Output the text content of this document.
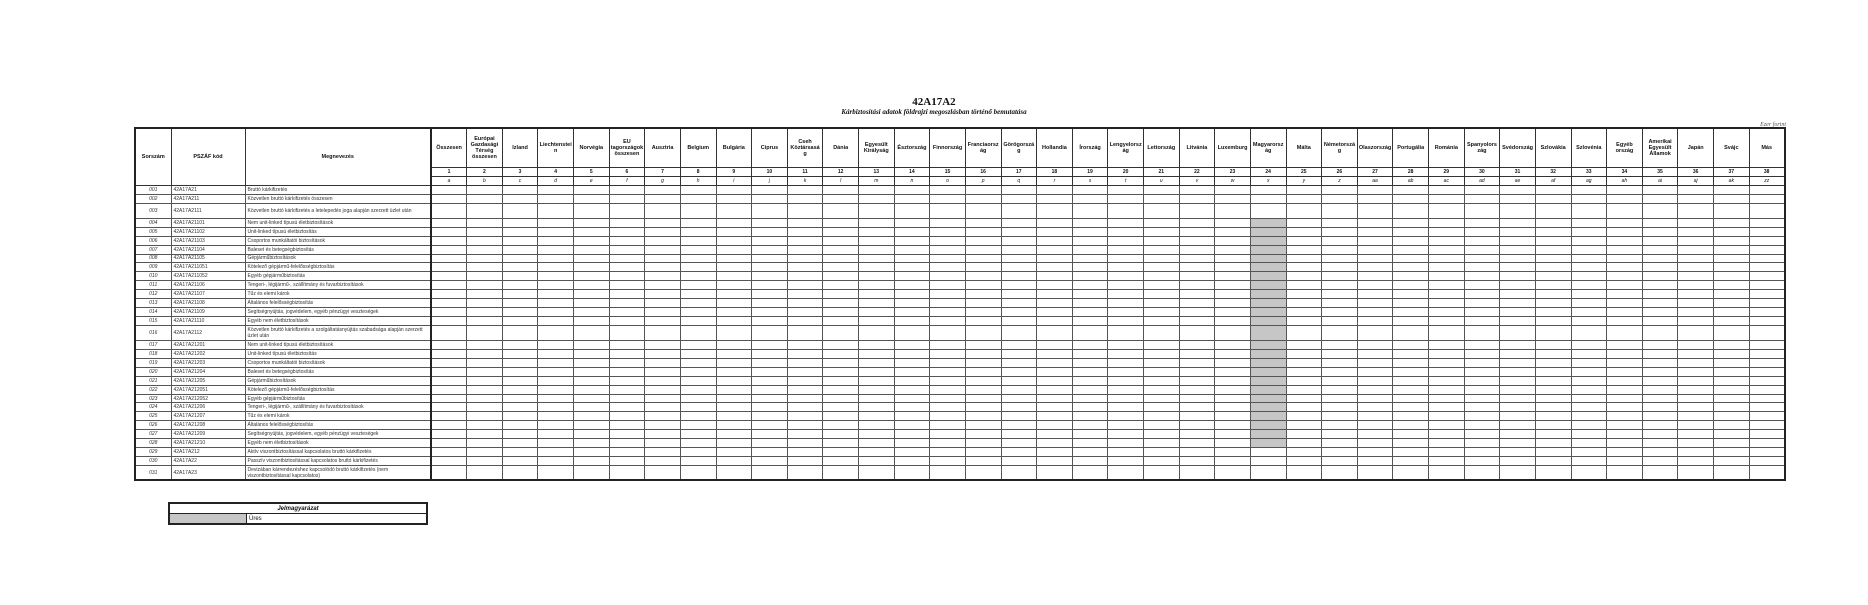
42A17A2
Kárbiztosítási adatok földrajzi megoszlásban történő bemutatása
Ezer forint
Sorszám	PSZÁF kód	Megnevezés	Összesen	Európai Gazdasági Térség összesen	Izland	Liechtenstein	Norvégia	EU tagországok összesen	Ausztria	Belgium	Bulgária	Ciprus	Cseh Köztársaság	Dánia	Egyesült Királyság	Észtország	Finnország	Franciaország	Görögország	Hollandia	Írország	Lengyelország	Lettország	Litvánia	Luxemburg	Magyarország	Málta	Németország	Olaszország	Portugália	Románia	Spanyolország	Svédország	Szlovákia	Szlovénia	Egyéb ország	Amerikai Egyesült Államok	Japán	Svájc	Más
			1	2	3	4	5	6	7	8	9	10	11	12	13	14	15	16	17	18	19	20	21	22	23	24	25	26	27	28	29	30	31	32	33	34	35	36	37	38
			a	b	c	d	e	f	g	h	i	j	k	l	m	n	o	p	q	r	s	t	u	v	w	x	y	z	aa	ab	ac	ad	ae	af	ag	ah	ai	aj	ak	zz
001	42A17A21	Bruttó kárkifizetés																																						
002	42A17A211	Közvetlen bruttó kárkifizetés összesen																																						
003	42A17A2111	Közvetlen bruttó kárkifizetés a letelepedés joga alapján szerzett üzlet után																																						
004	42A17A21101	Nem unit-linked típusú életbiztosítások																																						
005	42A17A21102	Unit-linked típusú életbiztosítás																																						
006	42A17A21103	Csoportos munkáltatói biztosítások																																						
007	42A17A21104	Baleset és betegségbiztosítás																																						
008	42A17A21105	Gépjárműbiztosítások																																						
009	42A17A211051	Kötelező gépjármű-felelősségbiztosítás																																						
010	42A17A211052	Egyéb gépjárműbiztosítás																																						
011	42A17A21106	Tengeri-, légijármű-, szállítmány és fuvarbiztosítások																																						
012	42A17A21107	Tűz és elemi károk																																						
013	42A17A21108	Általános felelősségbiztosítás																																						
014	42A17A21109	Segítségnyújtás, jogvédelem, egyéb pénzügyi veszteségek																																						
015	42A17A21110	Egyéb nem életbiztosítások																																						
016	42A17A2112	Közvetlen bruttó kárkifizetés a szolgáltatásnyújtás szabadsága alapján szerzett üzlet után																																						
017	42A17A21201	Nem unit-linked típusú életbiztosítások																																						
018	42A17A21202	Unit-linked típusú életbiztosítás																																						
019	42A17A21203	Csoportos munkáltatói biztosítások																																						
020	42A17A21204	Baleset és betegségbiztosítás																																						
021	42A17A21205	Gépjárműbiztosítások																																						
022	42A17A212051	Kötelező gépjármű-felelősségbiztosítás																																						
023	42A17A212052	Egyéb gépjárműbiztosítás																																						
024	42A17A21206	Tengeri-, légijármű-, szállítmány és fuvarbiztosítások																																						
025	42A17A21207	Tűz és elemi károk																																						
026	42A17A21208	Általános felelősségbiztosítás																																						
027	42A17A21209	Segítségnyújtás, jogvédelem, egyéb pénzügyi veszteségek																																						
028	42A17A21210	Egyéb nem életbiztosítások																																						
029	42A17A212	Aktív viszontbiztosítással kapcsolatos bruttó kárkifizetés																																						
030	42A17A22	Passzív viszontbiztosítással kapcsolatos bruttó kárkifizetés																																						
031	42A17A23	Devizában kárrendezéshez kapcsolódó bruttó kárkifizetés (nem viszontbiztosítással kapcsolatos)																																						
Jelmagyarázat
	Üres
